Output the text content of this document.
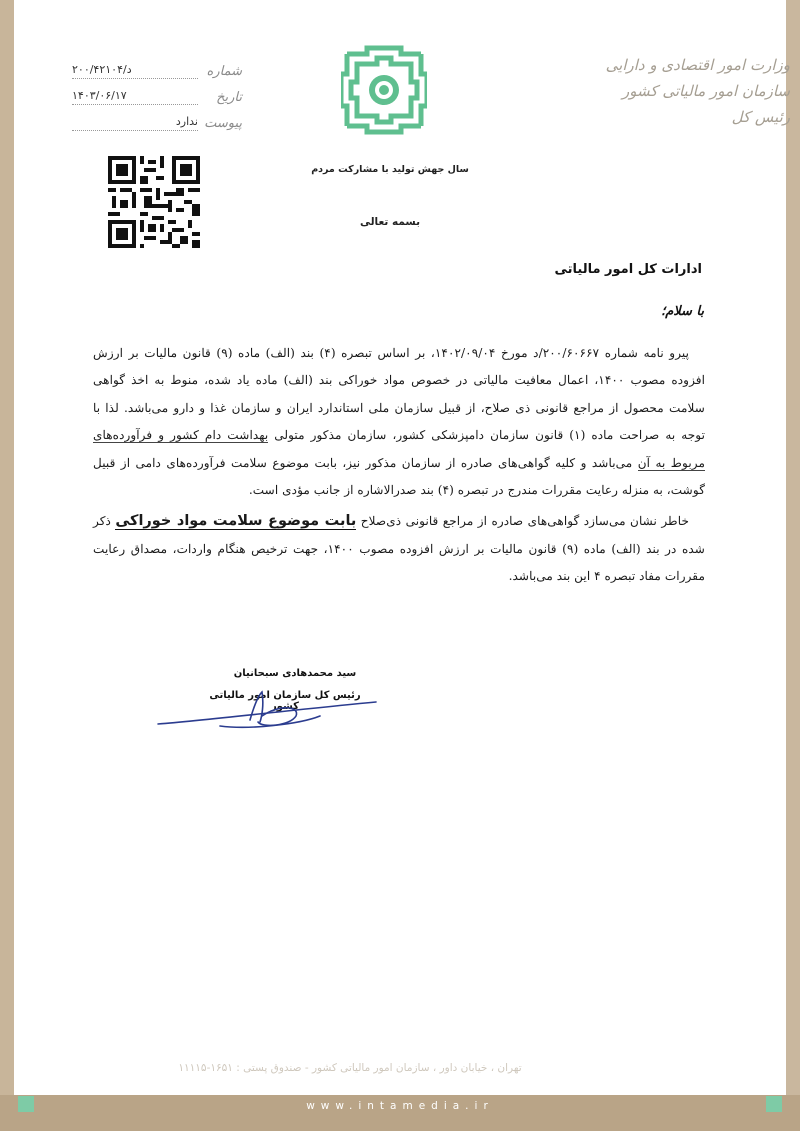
وزارت امور اقتصادی و دارایی
سازمان امور مالیاتی کشور
رئیس کل
شماره
۲۰۰/۴۲۱۰۴/د
تاریخ
۱۴۰۳/۰۶/۱۷
پیوست
ندارد
سال جهش تولید با مشارکت مردم
بسمه تعالی
ادارات کل امور مالیاتی
با سلام؛

پیرو نامه شماره ۲۰۰/۶۰۶۶۷/د مورخ ۱۴۰۲/۰۹/۰۴، بر اساس تبصره (۴) بند (الف) ماده (۹) قانون مالیات بر ارزش افزوده مصوب ۱۴۰۰، اعمال معافیت مالیاتی در خصوص مواد خوراکی بند (الف) ماده یاد شده، منوط به اخذ گواهی سلامت محصول از مراجع قانونی ذی صلاح، از قبیل سازمان ملی استاندارد ایران و سازمان غذا و دارو می‌باشد. لذا با توجه به صراحت ماده (۱) قانون سازمان دامپزشکی کشور، سازمان مذکور متولی بهداشت دام کشور و فرآورده‌های مربوط به آن می‌باشد و کلیه گواهی‌های صادره از سازمان مذکور نیز، بابت موضوع سلامت فرآورده‌های دامی از قبیل گوشت، به منزله رعایت مقررات مندرج در تبصره (۴) بند صدرالاشاره از جانب مؤدی است.

خاطر نشان می‌سازد گواهی‌های صادره از مراجع قانونی ذی‌صلاح بابت موضوع سلامت مواد خوراکی ذکر شده در بند (الف) ماده (۹) قانون مالیات بر ارزش افزوده مصوب ۱۴۰۰، جهت ترخیص هنگام واردات، مصداق رعایت مقررات مفاد تبصره ۴ این بند می‌باشد.

سید محمدهادی سبحانیان
رئیس کل سازمان امور مالیاتی کشور
تهران ، خیابان داور ، سازمان امور مالیاتی کشور - صندوق پستی : ۱۶۵۱-۱۱۱۱۵
www.intamedia.ir
